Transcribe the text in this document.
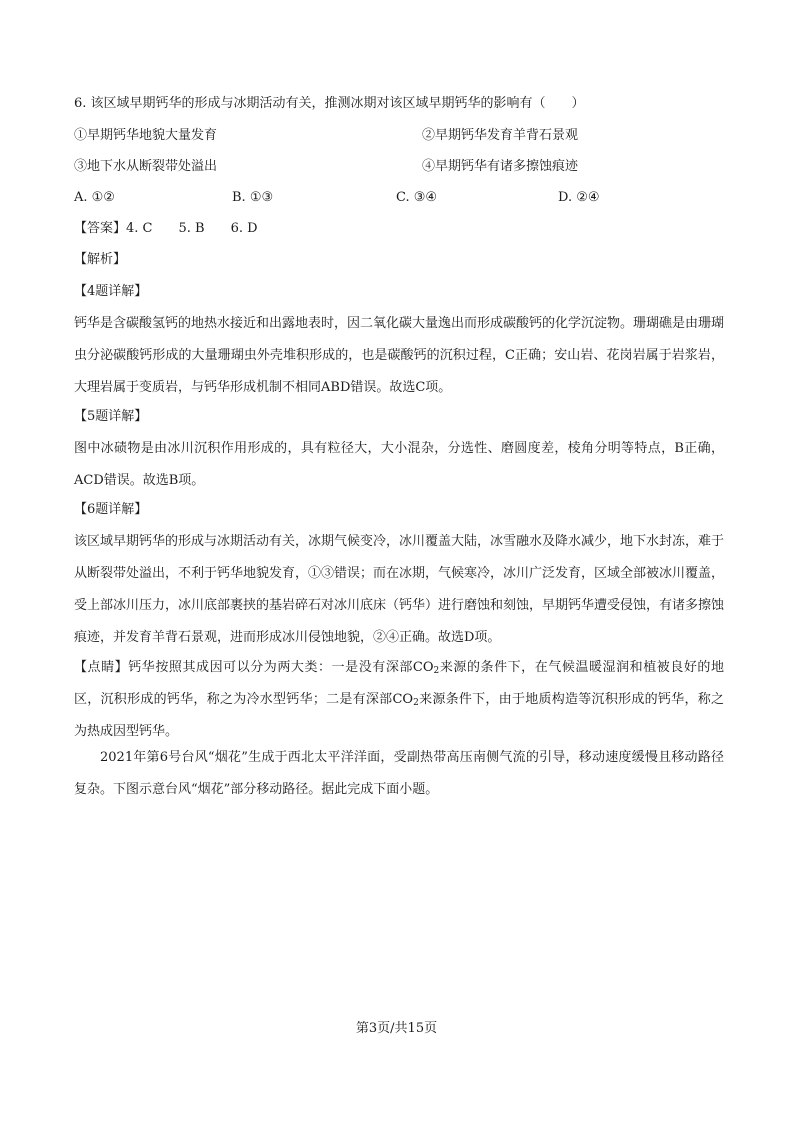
6. 该区域早期钙华的形成与冰期活动有关，推测冰期对该区域早期钙华的影响有（　　）
①早期钙华地貌大量发育	②早期钙华发育羊背石景观
③地下水从断裂带处溢出	④早期钙华有诸多擦蚀痕迹
A. ①②	B. ①③	C. ③④	D. ②④
【答案】4. C 5. B 6. D
【解析】
【4题详解】
钙华是含碳酸氢钙的地热水接近和出露地表时，因二氧化碳大量逸出而形成碳酸钙的化学沉淀物。珊瑚礁是由珊瑚虫分泌碳酸钙形成的大量珊瑚虫外壳堆积形成的，也是碳酸钙的沉积过程，C正确；安山岩、花岗岩属于岩浆岩，大理岩属于变质岩，与钙华形成机制不相同ABD错误。故选C项。
【5题详解】
图中冰碛物是由冰川沉积作用形成的，具有粒径大，大小混杂，分选性、磨圆度差，棱角分明等特点，B正确，ACD错误。故选B项。
【6题详解】
该区域早期钙华的形成与冰期活动有关，冰期气候变冷，冰川覆盖大陆，冰雪融水及降水减少，地下水封冻，难于从断裂带处溢出，不利于钙华地貌发育，①③错误；而在冰期，气候寒冷，冰川广泛发育，区域全部被冰川覆盖，受上部冰川压力，冰川底部裹挟的基岩碎石对冰川底床（钙华）进行磨蚀和刻蚀，早期钙华遭受侵蚀，有诸多擦蚀痕迹，并发育羊背石景观，进而形成冰川侵蚀地貌，②④正确。故选D项。
【点睛】钙华按照其成因可以分为两大类：一是没有深部$CO_2$来源的条件下，在气候温暖湿润和植被良好的地区，沉积形成的钙华，称之为冷水型钙华；二是有深部$CO_2$来源条件下，由于地质构造等沉积形成的钙华，称之为热成因型钙华。
2021年第6号台风“烟花”生成于西北太平洋洋面，受副热带高压南侧气流的引导，移动速度缓慢且移动路径复杂。下图示意台风“烟花”部分移动路径。据此完成下面小题。
第3页/共15页
